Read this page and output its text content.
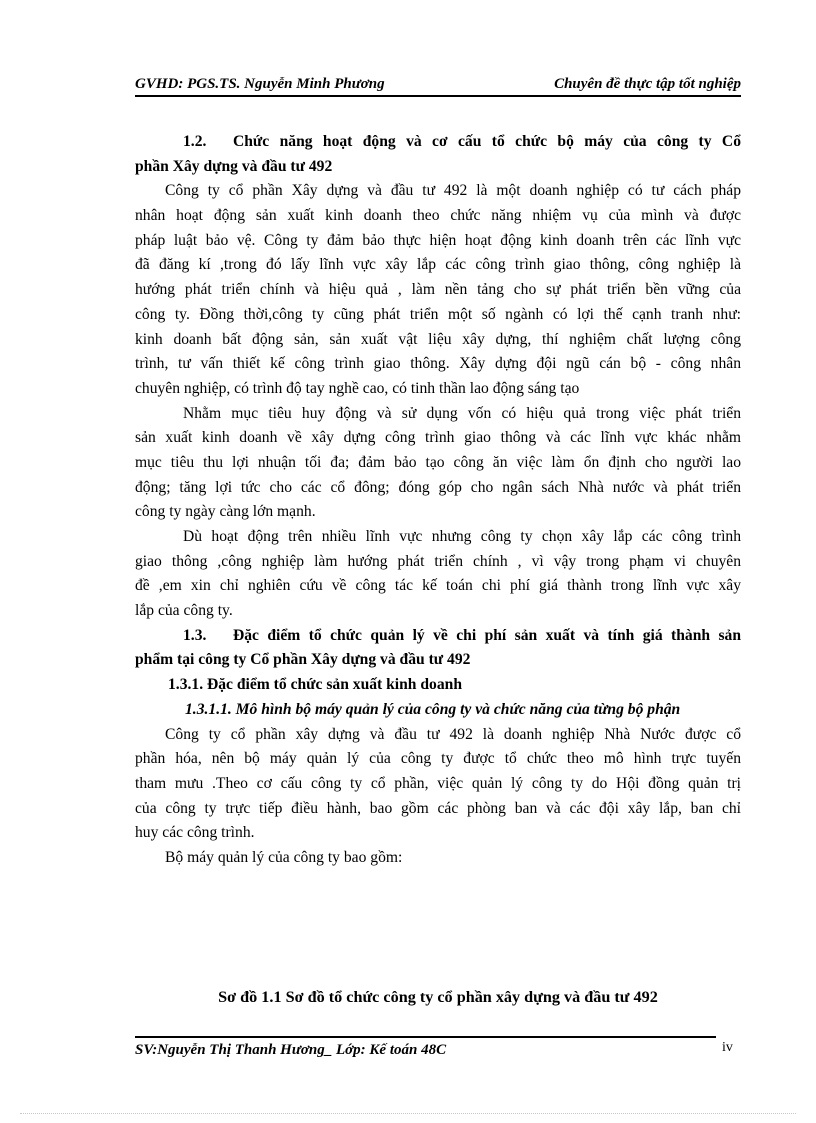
GVHD: PGS.TS. Nguyễn Minh Phương	Chuyên đề thực tập tốt nghiệp
1.2. Chức năng hoạt động và cơ cấu tổ chức bộ máy của công ty Cổ
phần Xây dựng và đầu tư 492
Công ty cổ phần Xây dựng và đầu tư 492 là một doanh nghiệp có tư cách pháp
nhân hoạt động sản xuất kinh doanh theo chức năng nhiệm vụ của mình và được
pháp luật bảo vệ. Công ty đảm bảo thực hiện hoạt động kinh doanh trên các lĩnh vực
đã đăng kí ,trong đó lấy lĩnh vực xây lắp các công trình giao thông, công nghiệp là
hướng phát triển chính và hiệu quả , làm nền tảng cho sự phát triển bền vững của
công ty. Đồng thời,công ty cũng phát triển một số ngành có lợi thế cạnh tranh như:
kinh doanh bất động sản, sản xuất vật liệu xây dựng, thí nghiệm chất lượng công
trình, tư vấn thiết kế công trình giao thông. Xây dựng đội ngũ cán bộ - công nhân
chuyên nghiệp, có trình độ tay nghề cao, có tinh thần lao động sáng tạo
Nhằm mục tiêu huy động và sử dụng vốn có hiệu quả trong việc phát triển
sản xuất kinh doanh về xây dựng công trình giao thông và các lĩnh vực khác nhằm
mục tiêu thu lợi nhuận tối đa; đảm bảo tạo công ăn việc làm ổn định cho người lao
động; tăng lợi tức cho các cổ đông; đóng góp cho ngân sách Nhà nước và phát triển
công ty ngày càng lớn mạnh.
Dù hoạt động trên nhiều lĩnh vực nhưng công ty chọn xây lắp các công trình
giao thông ,công nghiệp làm hướng phát triển chính , vì vậy trong phạm vi chuyên
đề ,em xin chỉ nghiên cứu về công tác kế toán chi phí giá thành trong lĩnh vực xây
lắp của công ty.
1.3. Đặc điểm tổ chức quản lý về chi phí sản xuất và tính giá thành sản
phẩm tại công ty Cổ phần Xây dựng và đầu tư 492
1.3.1. Đặc điểm tổ chức sản xuất kinh doanh
1.3.1.1. Mô hình bộ máy quản lý của công ty và chức năng của từng bộ phận
Công ty cổ phần xây dựng và đầu tư 492 là doanh nghiệp Nhà Nước được cổ
phần hóa, nên bộ máy quản lý của công ty được tổ chức theo mô hình trực tuyến
tham mưu .Theo cơ cấu công ty cổ phần, việc quản lý công ty do Hội đồng quản trị
của công ty trực tiếp điều hành, bao gồm các phòng ban và các đội xây lắp, ban chỉ
huy các công trình.
Bộ máy quản lý của công ty bao gồm:
Sơ đồ 1.1 Sơ đồ tổ chức công ty cổ phần xây dựng và đầu tư 492
SV:Nguyễn Thị Thanh Hương_ Lớp: Kế toán 48C	iv
